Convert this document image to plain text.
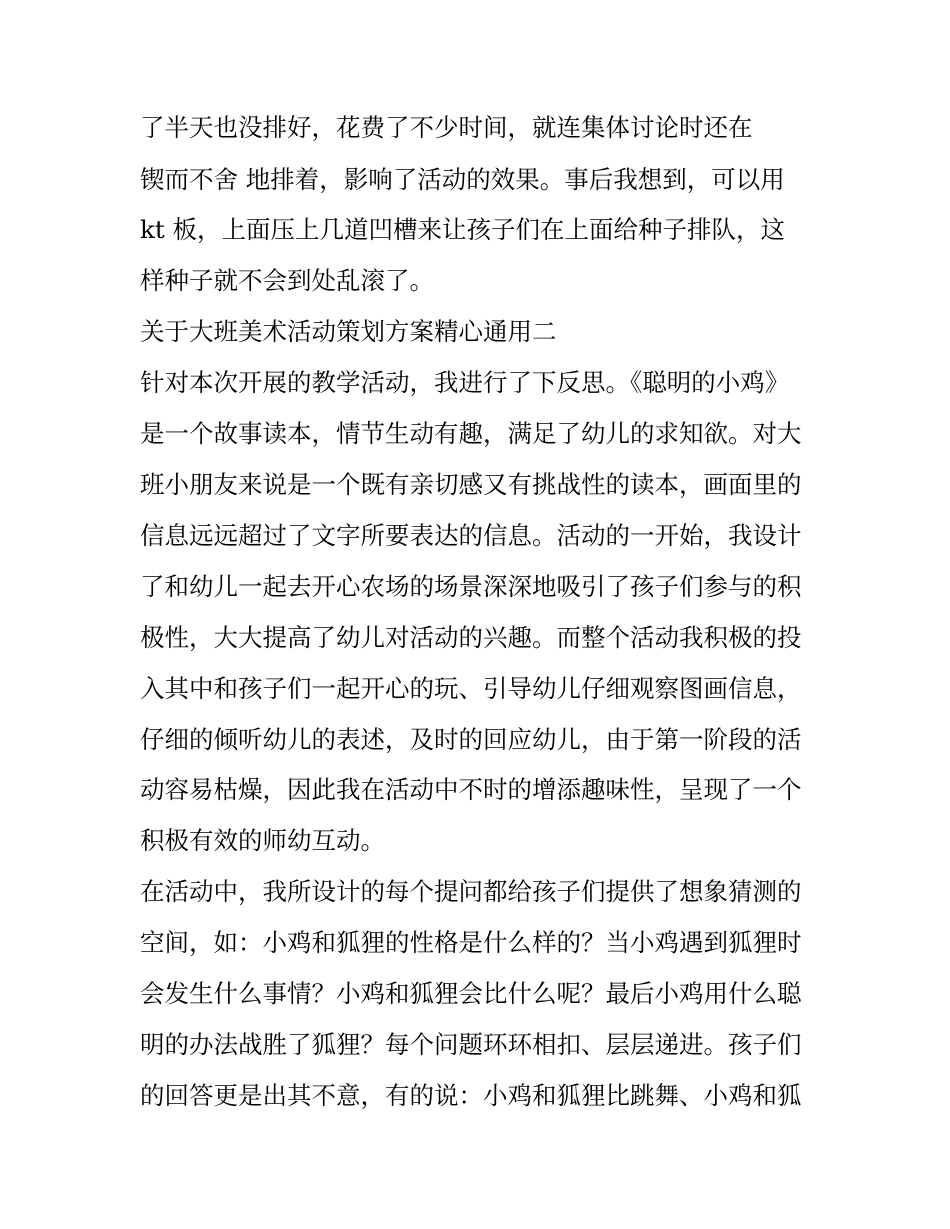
了半天也没排好，花费了不少时间，就连集体讨论时还在

锲而不舍 地排着，影响了活动的效果。事后我想到，可以用

kt 板，上面压上几道凹槽来让孩子们在上面给种子排队，这

样种子就不会到处乱滚了。

关于大班美术活动策划方案精心通用二

针对本次开展的教学活动，我进行了下反思。《聪明的小鸡》

是一个故事读本，情节生动有趣，满足了幼儿的求知欲。对大

班小朋友来说是一个既有亲切感又有挑战性的读本，画面里的

信息远远超过了文字所要表达的信息。活动的一开始，我设计

了和幼儿一起去开心农场的场景深深地吸引了孩子们参与的积

极性，大大提高了幼儿对活动的兴趣。而整个活动我积极的投

入其中和孩子们一起开心的玩、引导幼儿仔细观察图画信息，

仔细的倾听幼儿的表述，及时的回应幼儿，由于第一阶段的活

动容易枯燥，因此我在活动中不时的增添趣味性，呈现了一个

积极有效的师幼互动。

在活动中，我所设计的每个提问都给孩子们提供了想象猜测的

空间，如：小鸡和狐狸的性格是什么样的？当小鸡遇到狐狸时

会发生什么事情？小鸡和狐狸会比什么呢？最后小鸡用什么聪

明的办法战胜了狐狸？每个问题环环相扣、层层递进。孩子们

的回答更是出其不意，有的说：小鸡和狐狸比跳舞、小鸡和狐
